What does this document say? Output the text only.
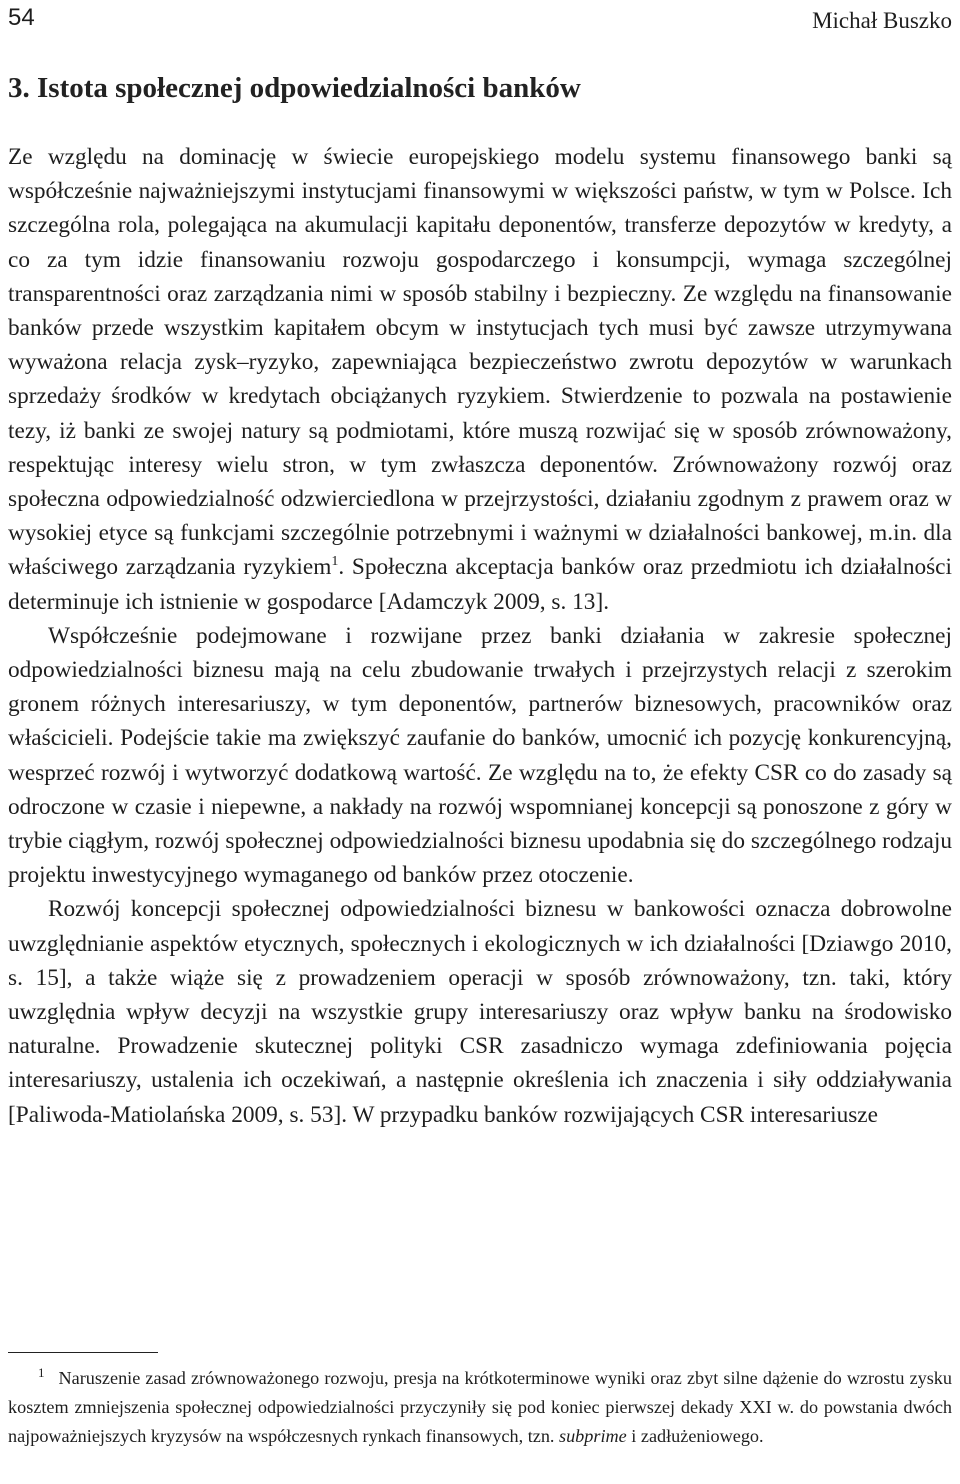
54	Michał Buszko
3. Istota społecznej odpowiedzialności banków

Ze względu na dominację w świecie europejskiego modelu systemu finansowego banki są współcześnie najważniejszymi instytucjami finansowymi w większości państw, w tym w Polsce. Ich szczególna rola, polegająca na akumulacji kapitału deponentów, transferze depozytów w kredyty, a co za tym idzie finansowaniu rozwoju gospodarczego i konsumpcji, wymaga szczególnej transparentności oraz zarządzania nimi w sposób stabilny i bezpieczny. Ze względu na finansowanie banków przede wszystkim kapitałem obcym w instytucjach tych musi być zawsze utrzymywana wyważona relacja zysk–ryzyko, zapewniająca bezpieczeństwo zwrotu depozytów w warunkach sprzedaży środków w kredytach obciążanych ryzykiem. Stwierdzenie to pozwala na postawienie tezy, iż banki ze swojej natury są podmiotami, które muszą rozwijać się w sposób zrównoważony, respektując interesy wielu stron, w tym zwłaszcza deponentów. Zrównoważony rozwój oraz społeczna odpowiedzialność odzwierciedlona w przejrzystości, działaniu zgodnym z prawem oraz w wysokiej etyce są funkcjami szczególnie potrzebnymi i ważnymi w działalności bankowej, m.in. dla właściwego zarządzania ryzykiem$^1$. Społeczna akceptacja banków oraz przedmiotu ich działalności determinuje ich istnienie w gospodarce [Adamczyk 2009, s. 13].

Współcześnie podejmowane i rozwijane przez banki działania w zakresie społecznej odpowiedzialności biznesu mają na celu zbudowanie trwałych i przejrzystych relacji z szerokim gronem różnych interesariuszy, w tym deponentów, partnerów biznesowych, pracowników oraz właścicieli. Podejście takie ma zwiększyć zaufanie do banków, umocnić ich pozycję konkurencyjną, wesprzeć rozwój i wytworzyć dodatkową wartość. Ze względu na to, że efekty CSR co do zasady są odroczone w czasie i niepewne, a nakłady na rozwój wspomnianej koncepcji są ponoszone z góry w trybie ciągłym, rozwój społecznej odpowiedzialności biznesu upodabnia się do szczególnego rodzaju projektu inwestycyjnego wymaganego od banków przez otoczenie.

Rozwój koncepcji społecznej odpowiedzialności biznesu w bankowości oznacza dobrowolne uwzględnianie aspektów etycznych, społecznych i ekologicznych w ich działalności [Dziawgo 2010, s. 15], a także wiąże się z prowadzeniem operacji w sposób zrównoważony, tzn. taki, który uwzględnia wpływ decyzji na wszystkie grupy interesariuszy oraz wpływ banku na środowisko naturalne. Prowadzenie skutecznej polityki CSR zasadniczo wymaga zdefiniowania pojęcia interesariuszy, ustalenia ich oczekiwań, a następnie określenia ich znaczenia i siły oddziaływania [Paliwoda-Matiolańska 2009, s. 53]. W przypadku banków rozwijających CSR interesariusze

$^1$ Naruszenie zasad zrównoważonego rozwoju, presja na krótkoterminowe wyniki oraz zbyt silne dążenie do wzrostu zysku kosztem zmniejszenia społecznej odpowiedzialności przyczyniły się pod koniec pierwszej dekady XXI w. do powstania dwóch najpoważniejszych kryzysów na współczesnych rynkach finansowych, tzn. subprime i zadłużeniowego.
